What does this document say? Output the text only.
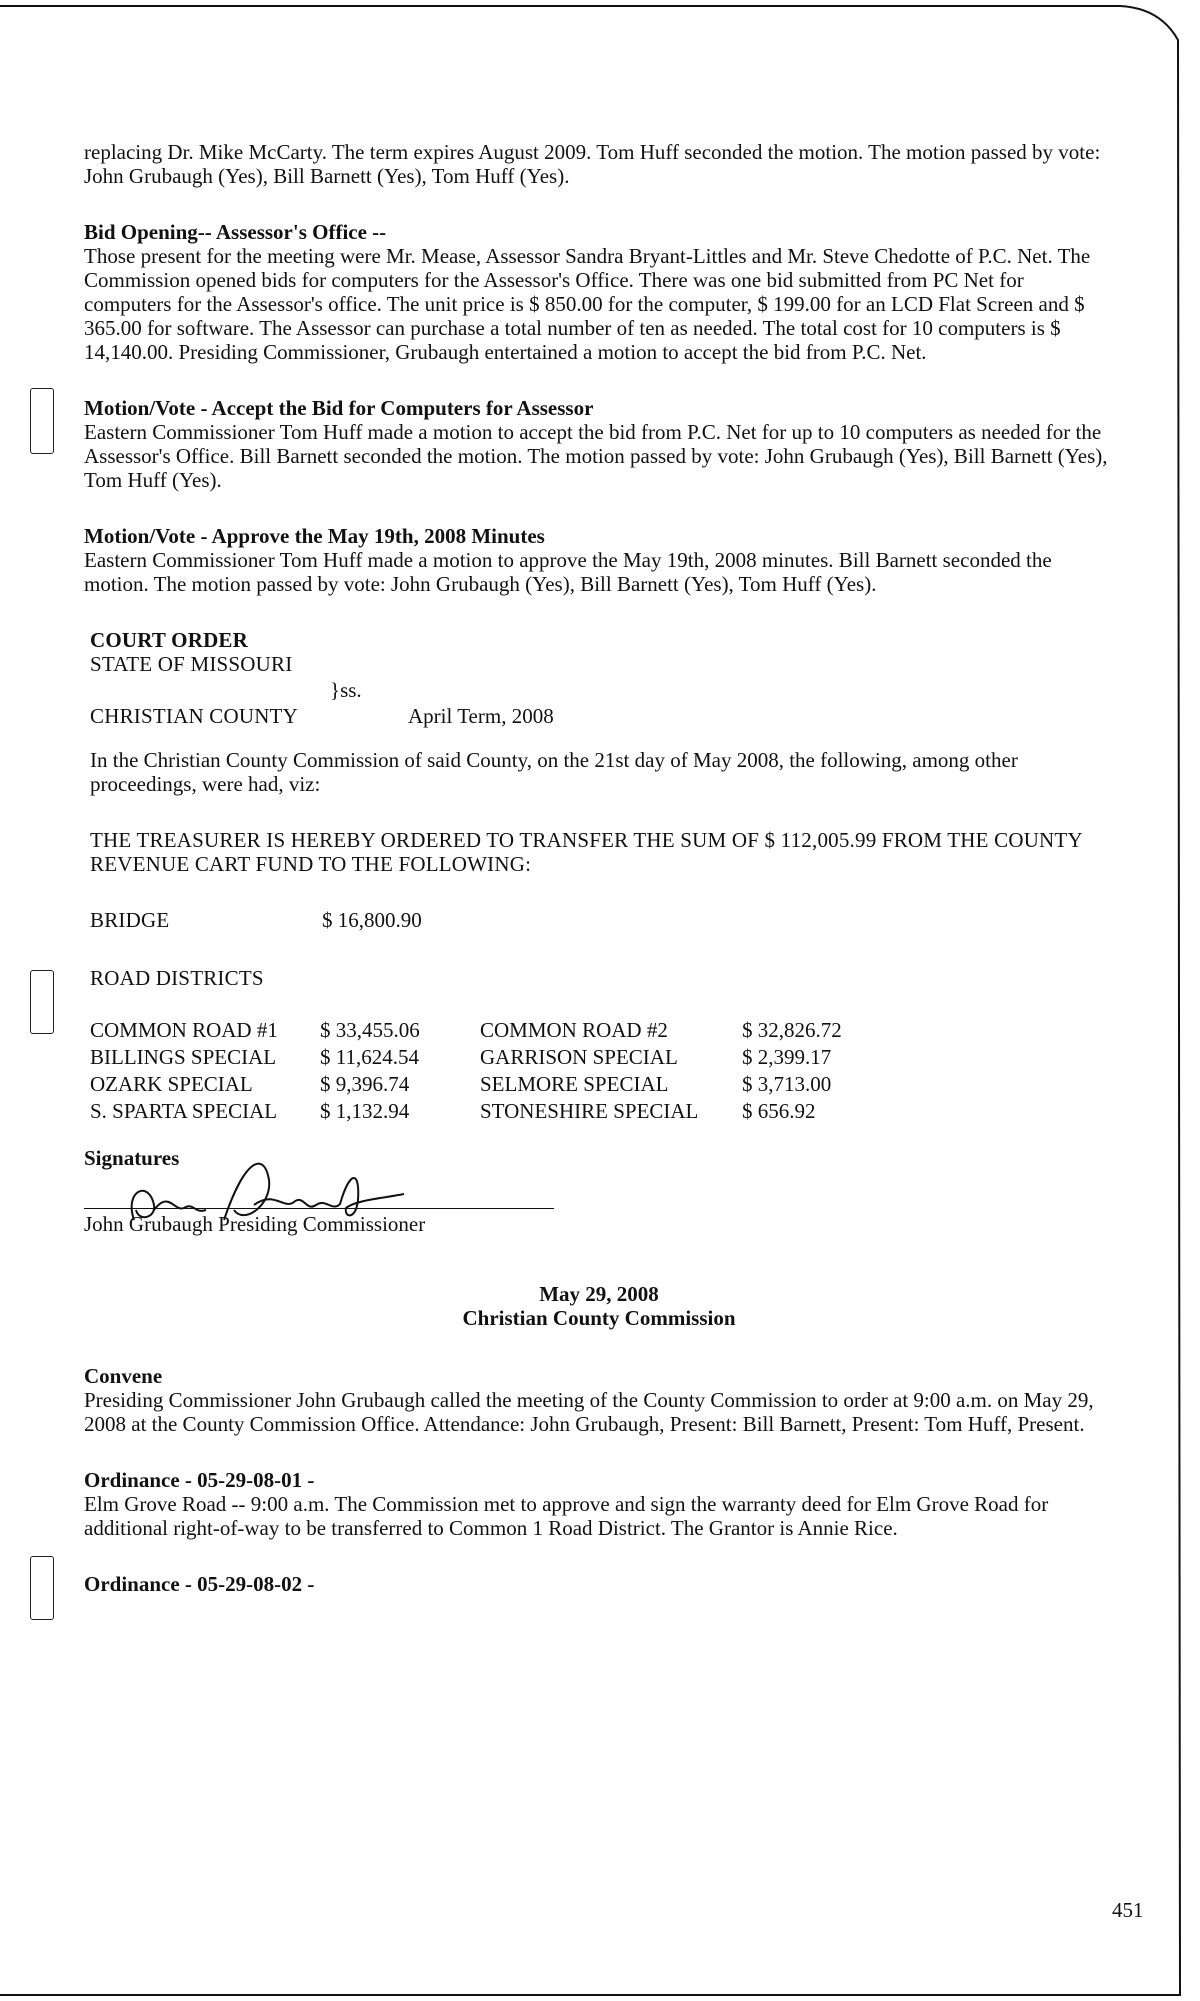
replacing Dr. Mike McCarty. The term expires August 2009. Tom Huff seconded the motion. The motion passed by vote: John Grubaugh (Yes), Bill Barnett (Yes), Tom Huff (Yes).

Bid Opening-- Assessor's Office --

Those present for the meeting were Mr. Mease, Assessor Sandra Bryant-Littles and Mr. Steve Chedotte of P.C. Net. The Commission opened bids for computers for the Assessor's Office. There was one bid submitted from PC Net for computers for the Assessor's office. The unit price is $ 850.00 for the computer, $ 199.00 for an LCD Flat Screen and $ 365.00 for software. The Assessor can purchase a total number of ten as needed. The total cost for 10 computers is $ 14,140.00. Presiding Commissioner, Grubaugh entertained a motion to accept the bid from P.C. Net.

Motion/Vote - Accept the Bid for Computers for Assessor

Eastern Commissioner Tom Huff made a motion to accept the bid from P.C. Net for up to 10 computers as needed for the Assessor's Office. Bill Barnett seconded the motion. The motion passed by vote: John Grubaugh (Yes), Bill Barnett (Yes), Tom Huff (Yes).

Motion/Vote - Approve the May 19th, 2008 Minutes

Eastern Commissioner Tom Huff made a motion to approve the May 19th, 2008 minutes. Bill Barnett seconded the motion. The motion passed by vote: John Grubaugh (Yes), Bill Barnett (Yes), Tom Huff (Yes).

COURT ORDER

STATE OF MISSOURI
}ss.
CHRISTIAN COUNTY	April Term, 2008

In the Christian County Commission of said County, on the 21st day of May 2008, the following, among other proceedings, were had, viz:

THE TREASURER IS HEREBY ORDERED TO TRANSFER THE SUM OF $ 112,005.99 FROM THE COUNTY REVENUE CART FUND TO THE FOLLOWING:

BRIDGE	$ 16,800.90

ROAD DISTRICTS

COMMON ROAD #1	$ 33,455.06	COMMON ROAD #2	$ 32,826.72
BILLINGS SPECIAL	$ 11,624.54	GARRISON SPECIAL	$ 2,399.17
OZARK SPECIAL	$ 9,396.74	SELMORE SPECIAL	$ 3,713.00
S. SPARTA SPECIAL	$ 1,132.94	STONESHIRE SPECIAL	$ 656.92
Signatures
John Grubaugh Presiding Commissioner

May 29, 2008

Christian County Commission

Convene

Presiding Commissioner John Grubaugh called the meeting of the County Commission to order at 9:00 a.m. on May 29, 2008 at the County Commission Office. Attendance: John Grubaugh, Present: Bill Barnett, Present: Tom Huff, Present.

Ordinance - 05-29-08-01 -

Elm Grove Road -- 9:00 a.m. The Commission met to approve and sign the warranty deed for Elm Grove Road for additional right-of-way to be transferred to Common 1 Road District. The Grantor is Annie Rice.

Ordinance - 05-29-08-02 -

451
